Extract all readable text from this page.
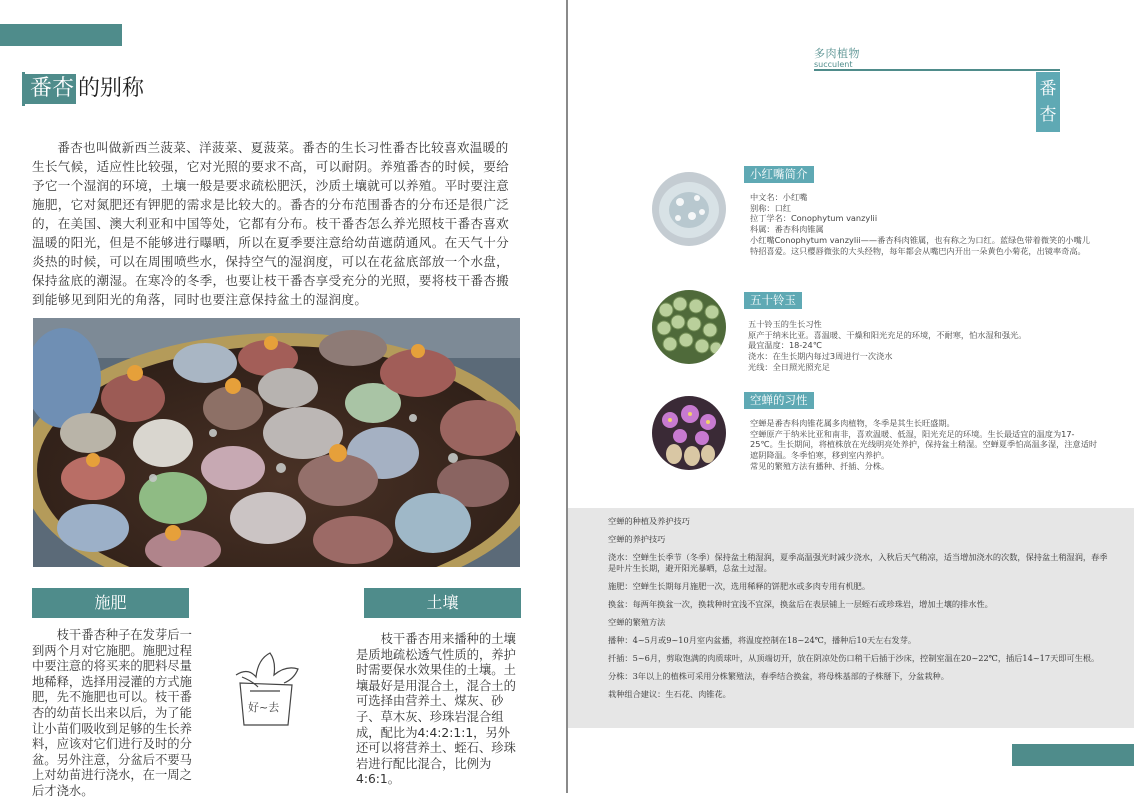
番杏 的别称

番杏也叫做新西兰菠菜、洋菠菜、夏菠菜。番杏的生长习性番杏比较喜欢温暖的生长气候，适应性比较强，它对光照的要求不高，可以耐阴。养殖番杏的时候，要给予它一个湿润的环境，土壤一般是要求疏松肥沃，沙质土壤就可以养殖。平时要注意施肥，它对氮肥还有钾肥的需求是比较大的。番杏的分布范围番杏的分布还是很广泛的，在美国、澳大利亚和中国等处，它都有分布。枝干番杏怎么养光照枝干番杏喜欢温暖的阳光，但是不能够进行曝晒，所以在夏季要注意给幼苗遮荫通风。在天气十分炎热的时候，可以在周围喷些水，保持空气的湿润度，可以在花盆底部放一个水盘，保持盆底的潮湿。在寒冷的冬季，也要让枝干番杏享受充分的光照，要将枝干番杏搬到能够见到阳光的角落，同时也要注意保持盆土的湿润度。

施肥

枝干番杏种子在发芽后一到两个月对它施肥。施肥过程中要注意的将买来的肥料尽量地稀释，选择用浸灌的方式施肥，先不施肥也可以。枝干番杏的幼苗长出来以后，为了能让小苗们吸收到足够的生长养料，应该对它们进行及时的分盆。另外注意，分盆后不要马上对幼苗进行浇水，在一周之后才浇水。

好~去
土壤

枝干番杏用来播种的土壤是质地疏松透气性质的，养护时需要保水效果佳的土壤。土壤最好是用混合土，混合土的可选择由营养土、煤灰、砂子、草木灰、珍珠岩混合组成，配比为4:4:2:1:1，另外还可以将营养土、蛭石、珍珠岩进行配比混合，比例为4:6:1。

多肉植物
succulent
番杏
小红嘴简介
中文名：小红嘴
别称：口红
拉丁学名：Conophytum vanzylii
科属：番杏科肉锥属
小红嘴Conophytum vanzylii——番杏科肉锥属，也有称之为口红。蓝绿色带着微笑的小嘴儿特招喜爱。这只樱唇微张的大头经物，每年都会从嘴巴内开出一朵黄色小菊花，出镜率奇高。
五十铃玉
五十铃玉的生长习性
原产于纳米比亚。喜温暖、干燥和阳光充足的环境，不耐寒，怕水湿和强光。
最宜温度：18-24℃
浇水：在生长期内每过3周进行一次浇水
光线：全日照光照充足
空蝉的习性
空蝉是番杏科肉锥花属多肉植物，冬季是其生长旺盛期。
空蝉原产于纳米比亚和南非，喜欢温暖、低湿，阳光充足的环境。生长最适宜的温度为17-25℃。生长期间，将植株放在光线明亮处养护，保持盆土稍湿。空蝉夏季怕高温多湿，注意适时遮阴降温。冬季怕寒，移到室内养护。
常见的繁殖方法有播种、扦插、分株。

空蝉的种植及养护技巧

空蝉的养护技巧

浇水：空蝉生长季节（冬季）保持盆土稍湿润，夏季高温强光时减少浇水，入秋后天气稍凉，适当增加浇水的次数，保持盆土稍湿润，春季是叶片生长期，避开阳光暴晒，总盆土过湿。

施肥：空蝉生长期每月施肥一次，选用稀释的饼肥水或多肉专用有机肥。

换盆：每两年换盆一次，换栽种时宜浅不宜深，换盆后在表层铺上一层蛭石或珍珠岩，增加土壤的排水性。

空蝉的繁殖方法

播种：4~5月或9~10月室内盆播，将温度控制在18~24℃，播种后10天左右发芽。

扦插：5~6月，剪取饱满的肉质球叶，从顶端切开，放在阴凉处伤口稍干后插于沙床，控制室温在20~22℃，插后14~17天即可生根。

分株：3年以上的植株可采用分株繁殖法，春季结合换盆，将母株基部的子株掰下，分盆栽种。

栽种组合建议：生石花、肉锥花。
